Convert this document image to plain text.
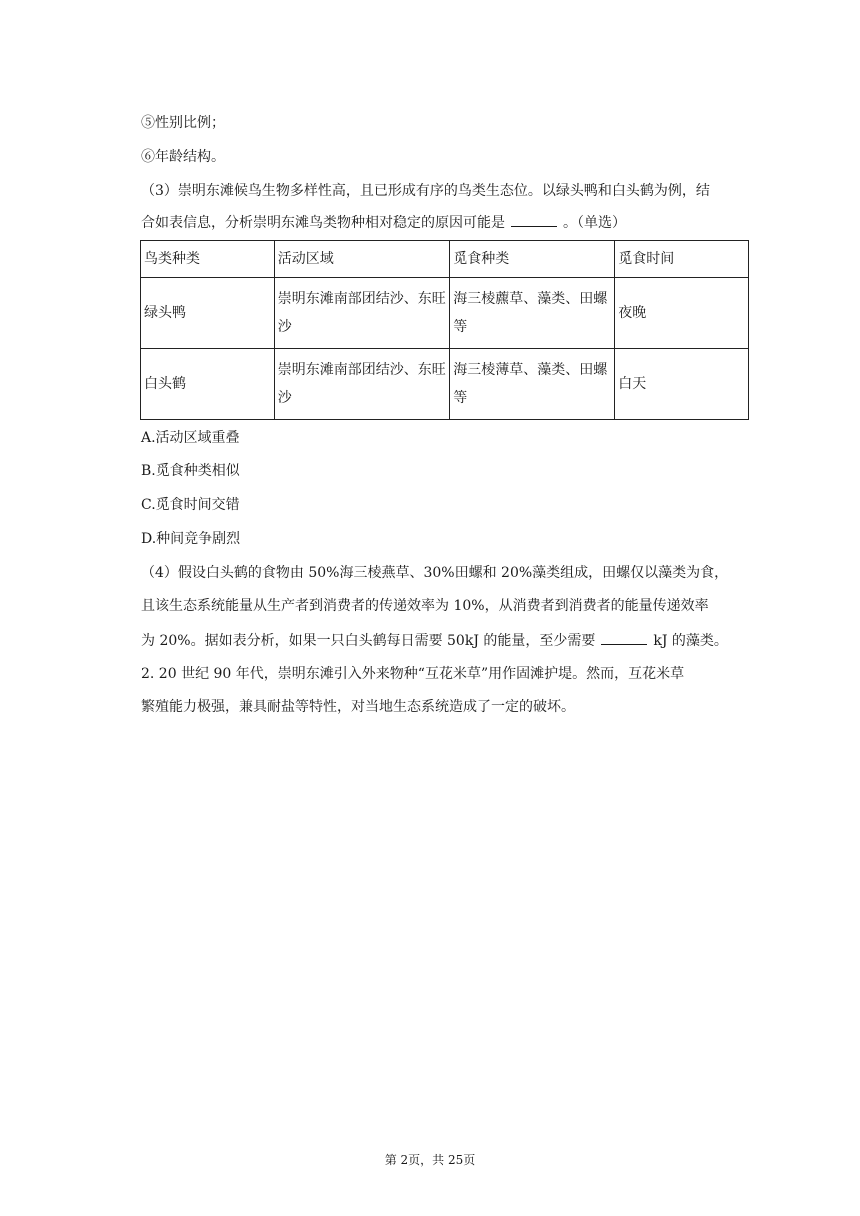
⑤性别比例；
⑥年龄结构。
（3）崇明东滩候鸟生物多样性高，且已形成有序的鸟类生态位。以绿头鸭和白头鹤为例，结
合如表信息，分析崇明东滩鸟类物种相对稳定的原因可能是	。（单选）
鸟类种类	活动区域	觅食种类	觅食时间
绿头鸭	崇明东滩南部团结沙、东旺沙	海三棱藨草、藻类、田螺等	夜晚
白头鹤	崇明东滩南部团结沙、东旺沙	海三棱薄草、藻类、田螺等	白天
A.活动区域重叠
B.觅食种类相似
C.觅食时间交错
D.种间竞争剧烈
（4）假设白头鹤的食物由 50%海三棱燕草、30%田螺和 20%藻类组成，田螺仅以藻类为食，
且该生态系统能量从生产者到消费者的传递效率为 10%，从消费者到消费者的能量传递效率
为 20%。据如表分析，如果一只白头鹤每日需要 50kJ 的能量，至少需要	kJ 的藻类。
2. 20 世纪 90 年代，崇明东滩引入外来物种“互花米草”用作固滩护堤。然而，互花米草
繁殖能力极强，兼具耐盐等特性，对当地生态系统造成了一定的破坏。
第 2页，共 25页
